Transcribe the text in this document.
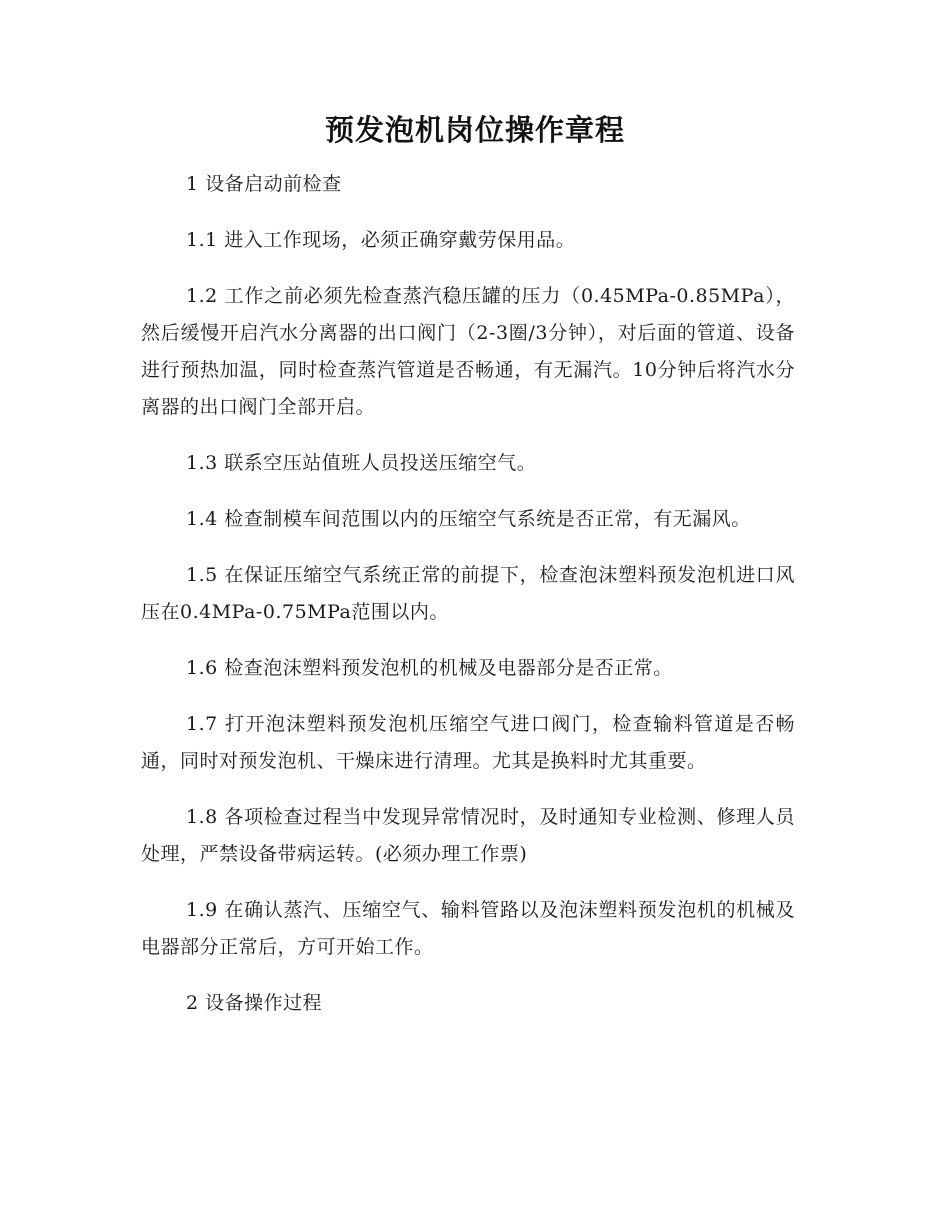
预发泡机岗位操作章程

1 设备启动前检查

1.1 进入工作现场，必须正确穿戴劳保用品。

1.2 工作之前必须先检查蒸汽稳压罐的压力（0.45MPa-0.85MPa），然后缓慢开启汽水分离器的出口阀门（2-3圈/3分钟），对后面的管道、设备进行预热加温，同时检查蒸汽管道是否畅通，有无漏汽。10分钟后将汽水分离器的出口阀门全部开启。

1.3 联系空压站值班人员投送压缩空气。

1.4 检查制模车间范围以内的压缩空气系统是否正常，有无漏风。

1.5 在保证压缩空气系统正常的前提下，检查泡沫塑料预发泡机进口风压在0.4MPa-0.75MPa范围以内。

1.6 检查泡沫塑料预发泡机的机械及电器部分是否正常。

1.7 打开泡沫塑料预发泡机压缩空气进口阀门，检查输料管道是否畅通，同时对预发泡机、干燥床进行清理。尤其是换料时尤其重要。

1.8 各项检查过程当中发现异常情况时，及时通知专业检测、修理人员处理，严禁设备带病运转。(必须办理工作票)

1.9 在确认蒸汽、压缩空气、输料管路以及泡沫塑料预发泡机的机械及电器部分正常后，方可开始工作。

2 设备操作过程
